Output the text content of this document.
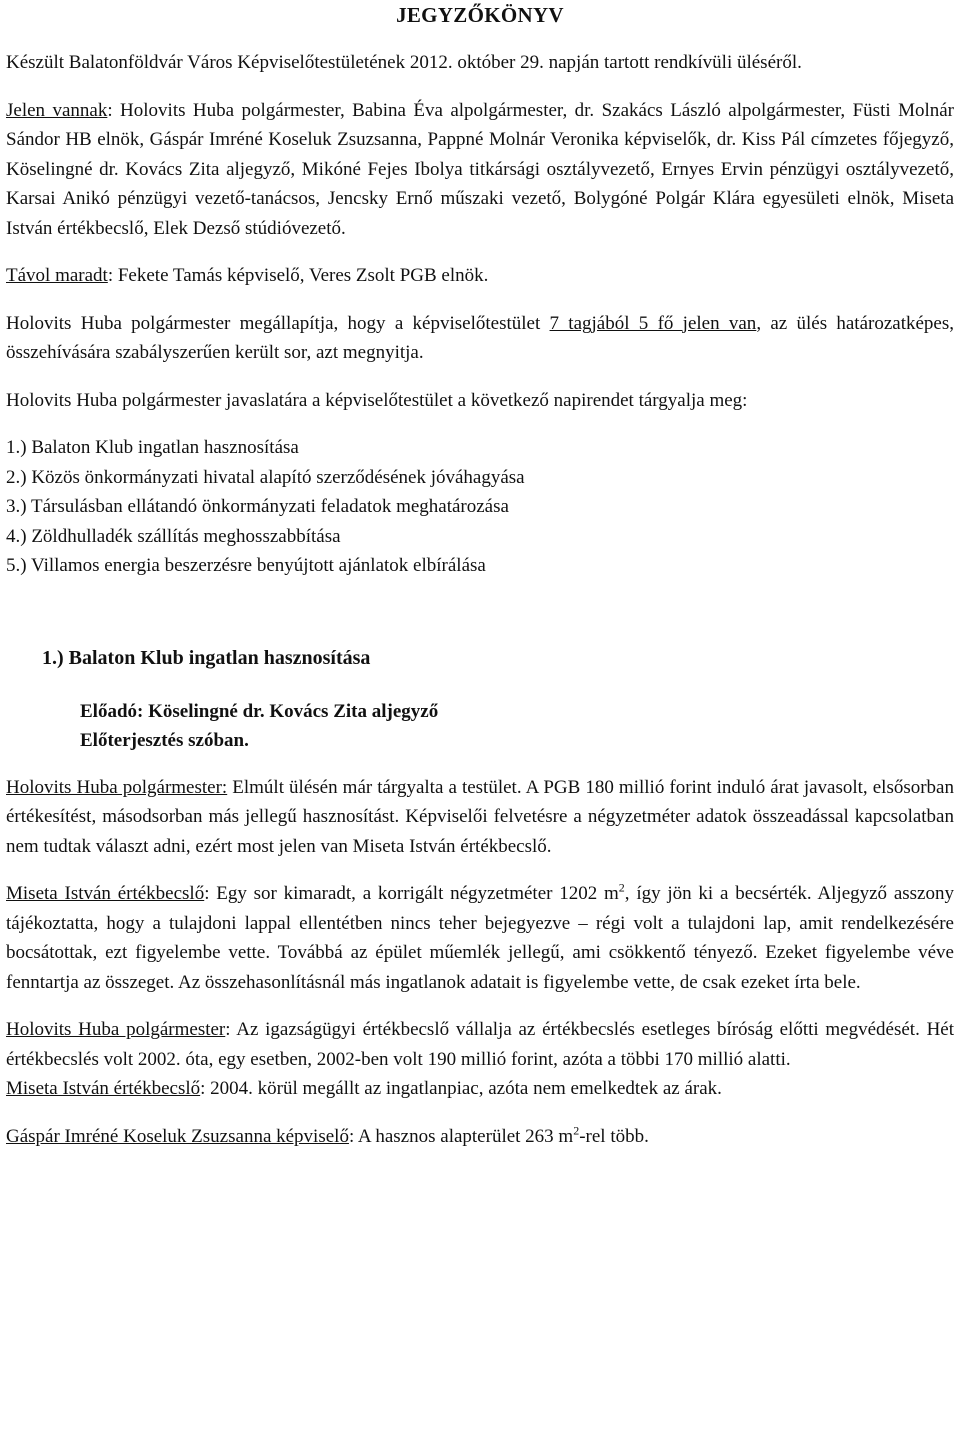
JEGYZŐKÖNYV

Készült Balatonföldvár Város Képviselőtestületének 2012. október 29. napján tartott rendkívüli üléséről.

Jelen vannak: Holovits Huba polgármester, Babina Éva alpolgármester, dr. Szakács László alpolgármester, Füsti Molnár Sándor HB elnök, Gáspár Imréné Koseluk Zsuzsanna, Pappné Molnár Veronika képviselők, dr. Kiss Pál címzetes főjegyző, Köselingné dr. Kovács Zita aljegyző, Mikóné Fejes Ibolya titkársági osztályvezető, Ernyes Ervin pénzügyi osztályvezető, Karsai Anikó pénzügyi vezető-tanácsos, Jencsky Ernő műszaki vezető, Bolygóné Polgár Klára egyesületi elnök, Miseta István értékbecslő, Elek Dezső stúdióvezető.

Távol maradt: Fekete Tamás képviselő, Veres Zsolt PGB elnök.

Holovits Huba polgármester megállapítja, hogy a képviselőtestület 7 tagjából 5 fő jelen van, az ülés határozatképes, összehívására szabályszerűen került sor, azt megnyitja.

Holovits Huba polgármester javaslatára a képviselőtestület a következő napirendet tárgyalja meg:

1.) Balaton Klub ingatlan hasznosítása
2.) Közös önkormányzati hivatal alapító szerződésének jóváhagyása
3.) Társulásban ellátandó önkormányzati feladatok meghatározása
4.) Zöldhulladék szállítás meghosszabbítása
5.) Villamos energia beszerzésre benyújtott ajánlatok elbírálása
1.) Balaton Klub ingatlan hasznosítása
Előadó: Köselingné dr. Kovács Zita aljegyző
Előterjesztés szóban.

Holovits Huba polgármester: Elmúlt ülésén már tárgyalta a testület. A PGB 180 millió forint induló árat javasolt, elsősorban értékesítést, másodsorban más jellegű hasznosítást. Képviselői felvetésre a négyzetméter adatok összeadással kapcsolatban nem tudtak választ adni, ezért most jelen van Miseta István értékbecslő.

Miseta István értékbecslő: Egy sor kimaradt, a korrigált négyzetméter 1202 $m^2$, így jön ki a becsérték. Aljegyző asszony tájékoztatta, hogy a tulajdoni lappal ellentétben nincs teher bejegyezve – régi volt a tulajdoni lap, amit rendelkezésére bocsátottak, ezt figyelembe vette. Továbbá az épület műemlék jellegű, ami csökkentő tényező. Ezeket figyelembe véve fenntartja az összeget. Az összehasonlításnál más ingatlanok adatait is figyelembe vette, de csak ezeket írta bele.

Holovits Huba polgármester: Az igazságügyi értékbecslő vállalja az értékbecslés esetleges bíróság előtti megvédését. Hét értékbecslés volt 2002. óta, egy esetben, 2002-ben volt 190 millió forint, azóta a többi 170 millió alatti.

Miseta István értékbecslő: 2004. körül megállt az ingatlanpiac, azóta nem emelkedtek az árak.

Gáspár Imréné Koseluk Zsuzsanna képviselő: A hasznos alapterület 263 $m^2$-rel több.
